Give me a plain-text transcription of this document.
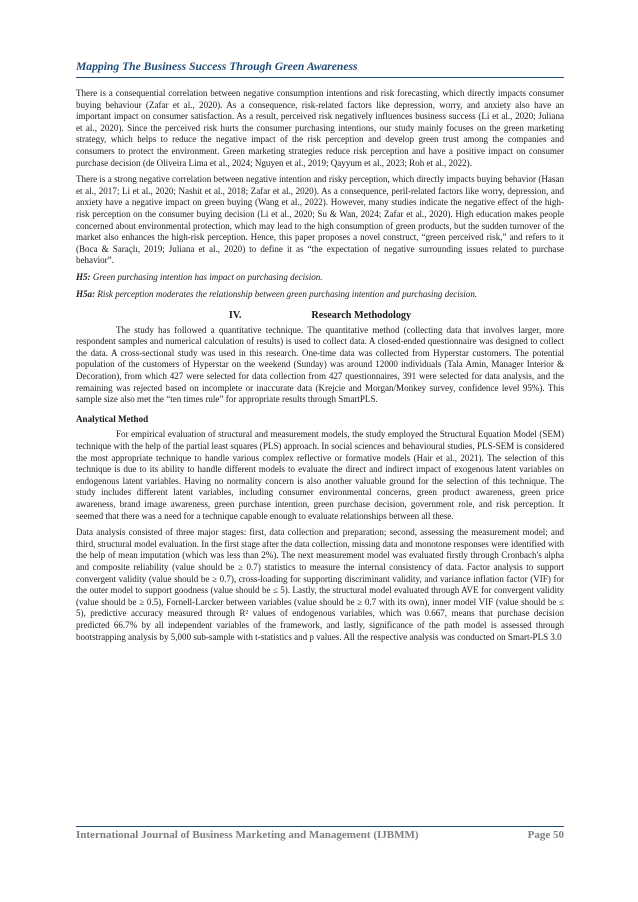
Mapping The Business Success Through Green Awareness

There is a consequential correlation between negative consumption intentions and risk forecasting, which directly impacts consumer buying behaviour (Zafar et al., 2020). As a consequence, risk-related factors like depression, worry, and anxiety also have an important impact on consumer satisfaction. As a result, perceived risk negatively influences business success (Li et al., 2020; Juliana et al., 2020). Since the perceived risk hurts the consumer purchasing intentions, our study mainly focuses on the green marketing strategy, which helps to reduce the negative impact of the risk perception and develop green trust among the companies and consumers to protect the environment. Green marketing strategies reduce risk perception and have a positive impact on consumer purchase decision (de Oliveira Lima et al., 2024; Nguyen et al., 2019; Qayyum et al., 2023; Roh et al., 2022).

There is a strong negative correlation between negative intention and risky perception, which directly impacts buying behavior (Hasan et al., 2017; Li et al., 2020; Nashit et al., 2018; Zafar et al., 2020). As a consequence, peril-related factors like worry, depression, and anxiety have a negative impact on green buying (Wang et al., 2022). However, many studies indicate the negative effect of the high-risk perception on the consumer buying decision (Li et al., 2020; Su & Wan, 2024; Zafar et al., 2020). High education makes people concerned about environmental protection, which may lead to the high consumption of green products, but the sudden turnover of the market also enhances the high-risk perception. Hence, this paper proposes a novel construct, “green perceived risk,” and refers to it (Boca & Saraçlı, 2019; Juliana et al., 2020) to define it as “the expectation of negative surrounding issues related to purchase behavior”.

H5: Green purchasing intention has impact on purchasing decision.

H5a: Risk perception moderates the relationship between green purchasing intention and purchasing decision.

IV.	Research Methodology

The study has followed a quantitative technique. The quantitative method (collecting data that involves larger, more respondent samples and numerical calculation of results) is used to collect data. A closed-ended questionnaire was designed to collect the data. A cross-sectional study was used in this research. One-time data was collected from Hyperstar customers. The potential population of the customers of Hyperstar on the weekend (Sunday) was around 12000 individuals (Tala Amin, Manager Interior & Decoration), from which 427 were selected for data collection from 427 questionnaires, 391 were selected for data analysis, and the remaining was rejected based on incomplete or inaccurate data (Krejcie and Morgan/Monkey survey, confidence level 95%). This sample size also met the “ten times rule” for appropriate results through SmartPLS.

Analytical Method

For empirical evaluation of structural and measurement models, the study employed the Structural Equation Model (SEM) technique with the help of the partial least squares (PLS) approach. In social sciences and behavioural studies, PLS-SEM is considered the most appropriate technique to handle various complex reflective or formative models (Hair et al., 2021). The selection of this technique is due to its ability to handle different models to evaluate the direct and indirect impact of exogenous latent variables on endogenous latent variables. Having no normality concern is also another valuable ground for the selection of this technique. The study includes different latent variables, including consumer environmental concerns, green product awareness, green price awareness, brand image awareness, green purchase intention, green purchase decision, government role, and risk perception. It seemed that there was a need for a technique capable enough to evaluate relationships between all these.

Data analysis consisted of three major stages: first, data collection and preparation; second, assessing the measurement model; and third, structural model evaluation. In the first stage after the data collection, missing data and monotone responses were identified with the help of mean imputation (which was less than 2%). The next measurement model was evaluated firstly through Cronbach's alpha and composite reliability (value should be ≥ 0.7) statistics to measure the internal consistency of data. Factor analysis to support convergent validity (value should be ≥ 0.7), cross-loading for supporting discriminant validity, and variance inflation factor (VIF) for the outer model to support goodness (value should be ≤ 5). Lastly, the structural model evaluated through AVE for convergent validity (value should be ≥ 0.5), Fornell-Larcker between variables (value should be ≥ 0.7 with its own), inner model VIF (value should be ≤ 5), predictive accuracy measured through R² values of endogenous variables, which was 0.667, means that purchase decision predicted 66.7% by all independent variables of the framework, and lastly, significance of the path model is assessed through bootstrapping analysis by 5,000 sub-sample with t-statistics and p values. All the respective analysis was conducted on Smart-PLS 3.0

International Journal of Business Marketing and Management (IJBMM)	Page 50
